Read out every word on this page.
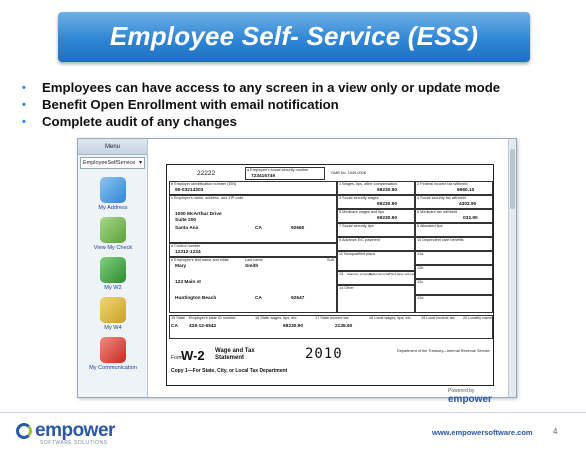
Employee Self- Service (ESS)
•	Employees can have access to any screen in a view only or update mode
•	Benefit Open Enrollment with email notification
•	Complete audit of any changes
Menu
EmployeeSelfService ▾
My Address
View My Check
My W2
My W4
My Communication
22222	a Employee's social security number
723416749
OMB No. 1545-0008
b Employer identification number (EIN)
95-03214303
c Employer's name, address, and ZIP code
1000 McArthur Drive
Suite 200
Santa Ana	CA	92660
d Control number
12312-1234
e Employee's first name and initial	Last name	Suff.
Mary	Smith
123 Main st
Huntington Beach	CA	92647
1 Wages, tips, other compensation
68230.90
2 Federal income tax withheld
6960.10
3 Social security wages
69230.90
4 Social security tax withheld
4302.90
5 Medicare wages and tips
69230.90
6 Medicare tax withheld
032.90
7 Social security tips	8 Allocated tips
9 Advance EIC payment	10 Dependent care benefits
11 Nonqualified plans	12a
13 Statutory employee
Retirement plan
Third-party sick pay
12b
14 Other
12c
12d
15 State Employer's state ID number
CA 428-12-6542
16 State wages, tips, etc.
68230.90
17 State income tax
2136.60
18 Local wages, tips, etc. 19 Local income tax 20 Locality name
Form
W-2 Wage and Tax
Statement	2010	Department of the Treasury—Internal Revenue Service
Copy 1—For State, City, or Local Tax Department
Powered by
empower
empower
SOFTWARE SOLUTIONS
www.empowersoftware.com	4
